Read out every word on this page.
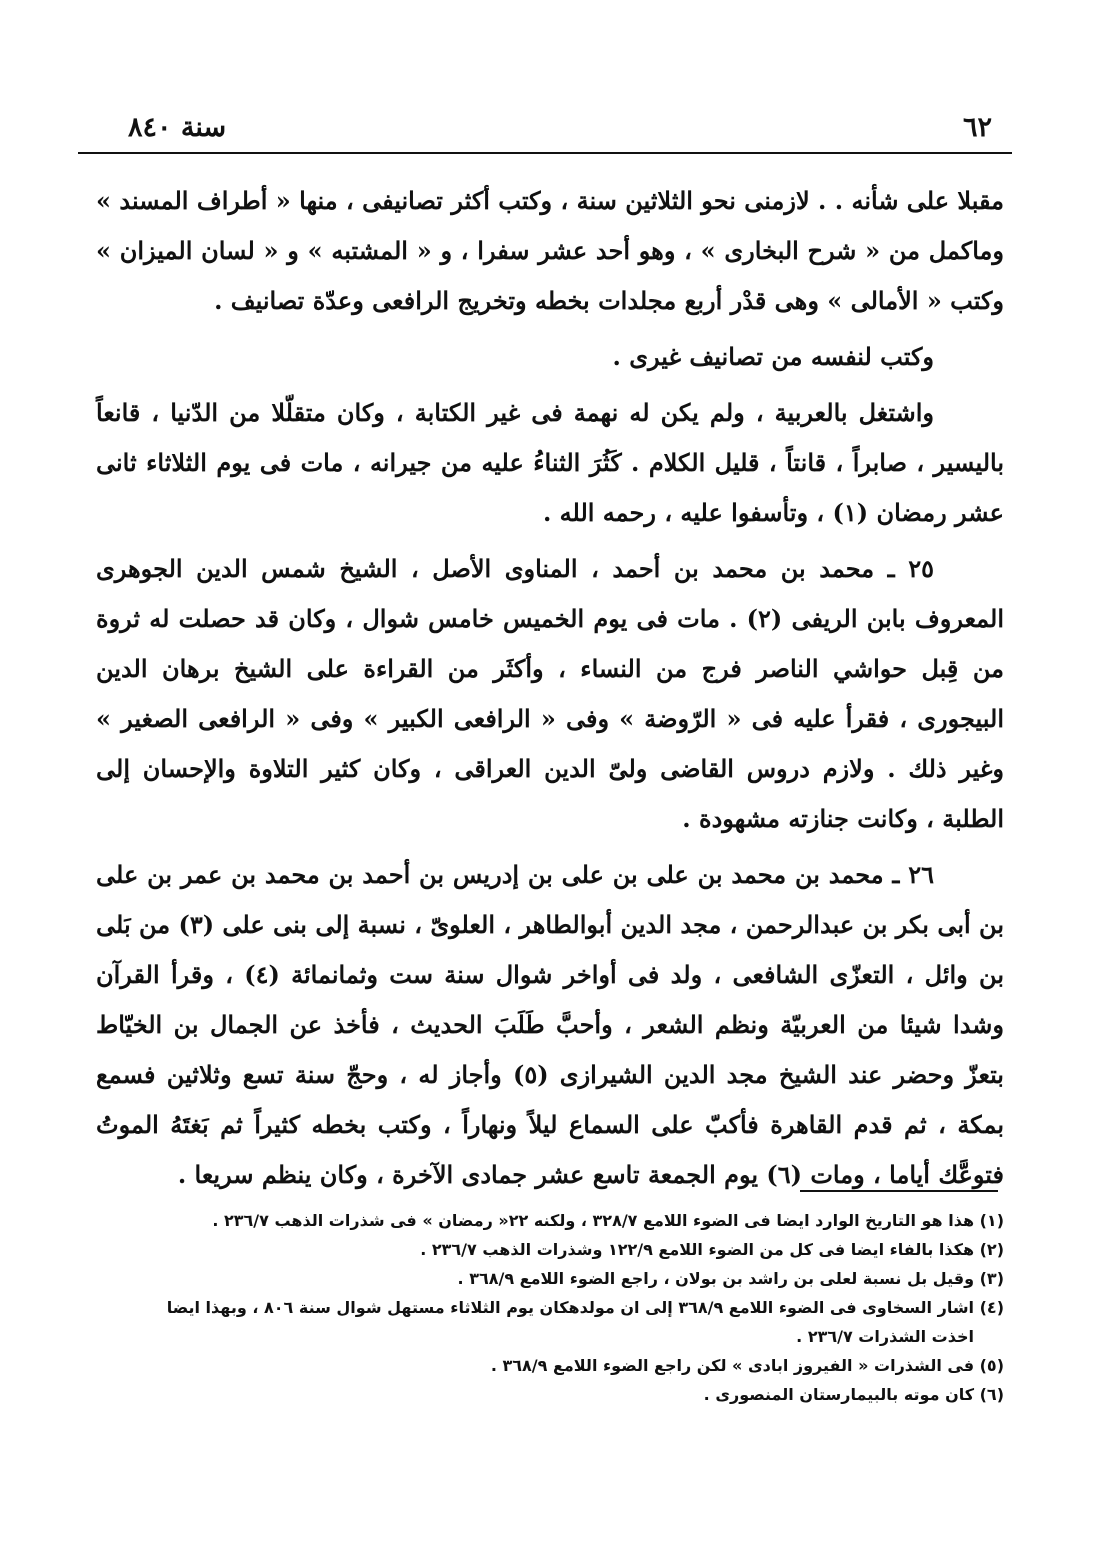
سنة ٨٤٠	٦٢

مقبلا على شأنه . . لازمنى نحو الثلاثين سنة ، وكتب أكثر تصانيفى ، منها « أطراف المسند » وماكمل من « شرح البخارى » ، وهو أحد عشر سفرا ، و « المشتبه » و « لسان الميزان » وكتب « الأمالى » وهى قدْر أربع مجلدات بخطه وتخريج الرافعى وعدّة تصانيف .

وكتب لنفسه من تصانيف غيرى .

واشتغل بالعربية ، ولم يكن له نهمة فى غير الكتابة ، وكان متقلّلا من الدّنيا ، قانعاً باليسير ، صابراً ، قانتاً ، قليل الكلام . كَثُرَ الثناءُ عليه من جيرانه ، مات فى يوم الثلاثاء ثانى عشر رمضان (١) ، وتأسفوا عليه ، رحمه الله .

٢٥ ـ محمد بن محمد بن أحمد ، المناوى الأصل ، الشيخ شمس الدين الجوهرى المعروف بابن الريفى (٢) . مات فى يوم الخميس خامس شوال ، وكان قد حصلت له ثروة من قِبل حواشي الناصر فرج من النساء ، وأكثَر من القراءة على الشيخ برهان الدين البيجورى ، فقرأ عليه فى « الرّوضة » وفى « الرافعى الكبير » وفى « الرافعى الصغير » وغير ذلك . ولازم دروس القاضى ولىّ الدين العراقى ، وكان كثير التلاوة والإحسان إلى الطلبة ، وكانت جنازته مشهودة .

٢٦ ـ محمد بن محمد بن على بن على بن إدريس بن أحمد بن محمد بن عمر بن على بن أبى بكر بن عبدالرحمن ، مجد الدين أبوالطاهر ، العلوىّ ، نسبة إلى بنى على (٣) من بَلى بن وائل ، التعزّى الشافعى ، ولد فى أواخر شوال سنة ست وثمانمائة (٤) ، وقرأ القرآن وشدا شيئا من العربيّة ونظم الشعر ، وأحبَّ طَلَبَ الحديث ، فأخذ عن الجمال بن الخيّاط بتعزّ وحضر عند الشيخ مجد الدين الشيرازى (٥) وأجاز له ، وحجّ سنة تسع وثلاثين فسمع بمكة ، ثم قدم القاهرة فأكبّ على السماع ليلاً ونهاراً ، وكتب بخطه كثيراً ثم بَغتَهُ الموتُ فتوعَّك أياما ، ومات (٦) يوم الجمعة تاسع عشر جمادى الآخرة ، وكان ينظم سريعا .

(١) هذا هو التاريخ الوارد ايضا فى الضوء اللامع ٣٢٨/٧ ، ولكنه ٢٢« رمضان » فى شذرات الذهب ٢٣٦/٧ .

(٢) هكذا بالفاء ايضا فى كل من الضوء اللامع ١٢٢/٩ وشذرات الذهب ٢٣٦/٧ .

(٣) وقيل بل نسبة لعلى بن راشد بن بولان ، راجع الضوء اللامع ٣٦٨/٩ .

(٤) اشار السخاوى فى الضوء اللامع ٣٦٨/٩ إلى ان مولدهكان يوم الثلاثاء مستهل شوال سنة ٨٠٦ ، وبهذا ايضا اخذت الشذرات ٢٣٦/٧ .

(٥) فى الشذرات « الفيروز ابادى » لكن راجع الضوء اللامع ٣٦٨/٩ .

(٦) كان موته بالبيمارستان المنصورى .
